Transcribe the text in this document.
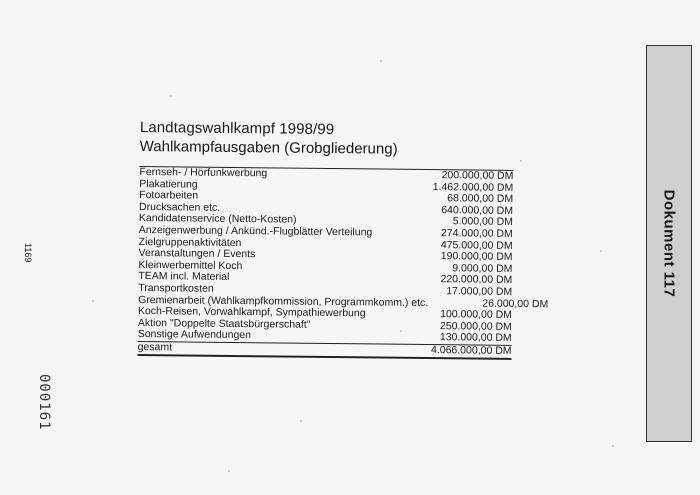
Landtagswahlkampf 1998/99
Wahlkampfausgaben (Grobgliederung)
Fernseh- / Hörfunkwerbung	200.000,00 DM
Plakatierung	1.462.000,00 DM
Fotoarbeiten	68.000,00 DM
Drucksachen etc.	640.000,00 DM
Kandidatenservice (Netto-Kosten)	5.000,00 DM
Anzeigenwerbung / Ankünd.-Flugblätter Verteilung	274.000,00 DM
Zielgruppenaktivitäten	475.000,00 DM
Veranstaltungen / Events	190.000,00 DM
Kleinwerbemittel Koch	9.000,00 DM
TEAM incl. Material	220.000,00 DM
Transportkosten	17.000,00 DM
Gremienarbeit (Wahlkampfkommission, Programmkomm.) etc.	26.000,00 DM
Koch-Reisen, Vorwahlkampf, Sympathiewerbung	100.000,00 DM
Aktion "Doppelte Staatsbürgerschaft"	250.000,00 DM
Sonstige Aufwendungen	130.000,00 DM
gesamt	4.066.000,00 DM
1169
000161
Dokument 117
